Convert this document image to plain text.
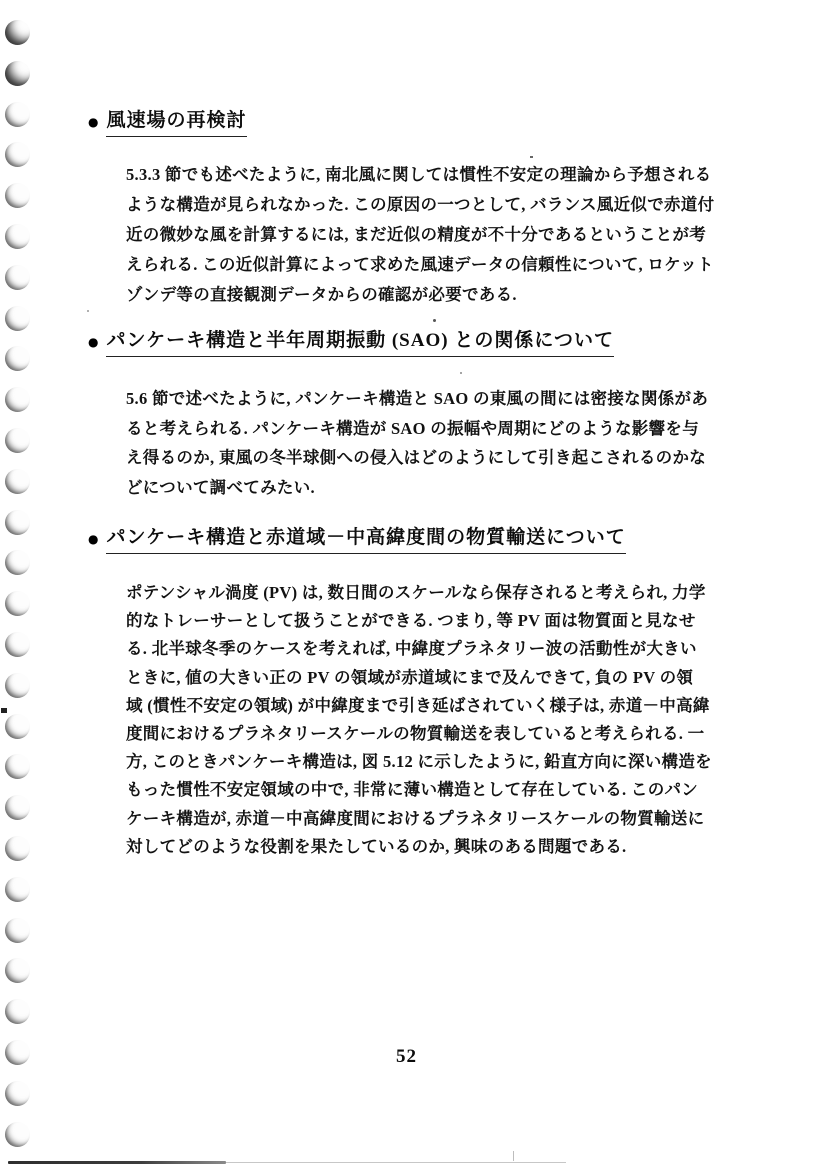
● 風速場の再検討
5.3.3 節でも述べたように, 南北風に関しては慣性不安定の理論から予想される
ような構造が見られなかった. この原因の一つとして, バランス風近似で赤道付
近の微妙な風を計算するには, まだ近似の精度が不十分であるということが考
えられる. この近似計算によって求めた風速データの信頼性について, ロケット
ゾンデ等の直接観測データからの確認が必要である.
● パンケーキ構造と半年周期振動 (SAO) との関係について
5.6 節で述べたように, パンケーキ構造と SAO の東風の間には密接な関係があ
ると考えられる. パンケーキ構造が SAO の振幅や周期にどのような影響を与
え得るのか, 東風の冬半球側への侵入はどのようにして引き起こされるのかな
どについて調べてみたい.
● パンケーキ構造と赤道域－中高緯度間の物質輸送について
ポテンシャル渦度 (PV) は, 数日間のスケールなら保存されると考えられ, 力学
的なトレーサーとして扱うことができる. つまり, 等 PV 面は物質面と見なせ
る. 北半球冬季のケースを考えれば, 中緯度プラネタリー波の活動性が大きい
ときに, 値の大きい正の PV の領域が赤道域にまで及んできて, 負の PV の領
域 (慣性不安定の領域) が中緯度まで引き延ばされていく様子は, 赤道－中高緯
度間におけるプラネタリースケールの物質輸送を表していると考えられる. 一
方, このときパンケーキ構造は, 図 5.12 に示したように, 鉛直方向に深い構造を
もった慣性不安定領域の中で, 非常に薄い構造として存在している. このパン
ケーキ構造が, 赤道－中高緯度間におけるプラネタリースケールの物質輸送に
対してどのような役割を果たしているのか, 興味のある問題である.
52
